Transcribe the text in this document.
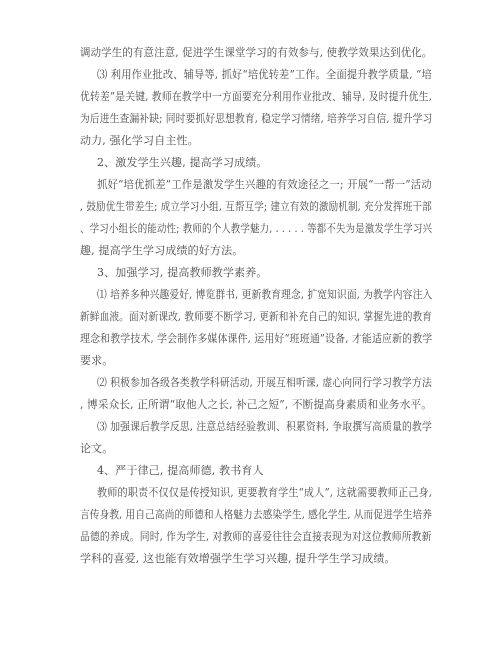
调动学生的有意注意, 促进学生课堂学习的有效参与, 使教学效果达到优化。
⑶ 利用作业批改、辅导等, 抓好“培优转差”工作。全面提升教学质量, “培
优转差”是关键, 教师在教学中一方面要充分利用作业批改、辅导, 及时提升优生,
为后进生查漏补缺; 同时要抓好思想教育, 稳定学习情绪, 培养学习自信, 提升学习
动力, 强化学习自主性。
2、激发学生兴趣, 提高学习成绩。
抓好“培优抓差”工作是激发学生兴趣的有效途径之一; 开展“一帮一”活动
, 鼓励优生带差生; 成立学习小组, 互帮互学; 建立有效的激励机制, 充分发挥班干部
、学习小组长的能动性; 教师的个人教学魅力, . . . . . 等都不失为是激发学生学习兴
趣, 提高学生学习成绩的好方法。
3、加强学习, 提高教师教学素养。
⑴ 培养多种兴趣爱好, 博览群书, 更新教育理念, 扩宽知识面, 为教学内容注入
新鲜血液。面对新课改, 教师要不断学习, 更新和补充自己的知识, 掌握先进的教育
理念和教学技术, 学会制作多媒体课件, 运用好“班班通”设备, 才能适应新的教学
要求。
⑵ 积极参加各级各类教学科研活动, 开展互相听课, 虚心向同行学习教学方法
, 博采众长, 正所谓“取他人之长, 补己之短”, 不断提高身素质和业务水平。
⑶ 加强课后教学反思, 注意总结经验教训、积累资料, 争取撰写高质量的教学
论文。
4、严于律己, 提高师德, 教书育人
教师的职责不仅仅是传授知识, 更要教育学生“成人”, 这就需要教师正己身,
言传身教, 用自己高尚的师德和人格魅力去感染学生, 感化学生, 从而促进学生培养
品德的养成。同时, 作为学生, 对教师的喜爱往往会直接表现为对这位教师所教新
学科的喜爱, 这也能有效增强学生学习兴趣, 提升学生学习成绩。
